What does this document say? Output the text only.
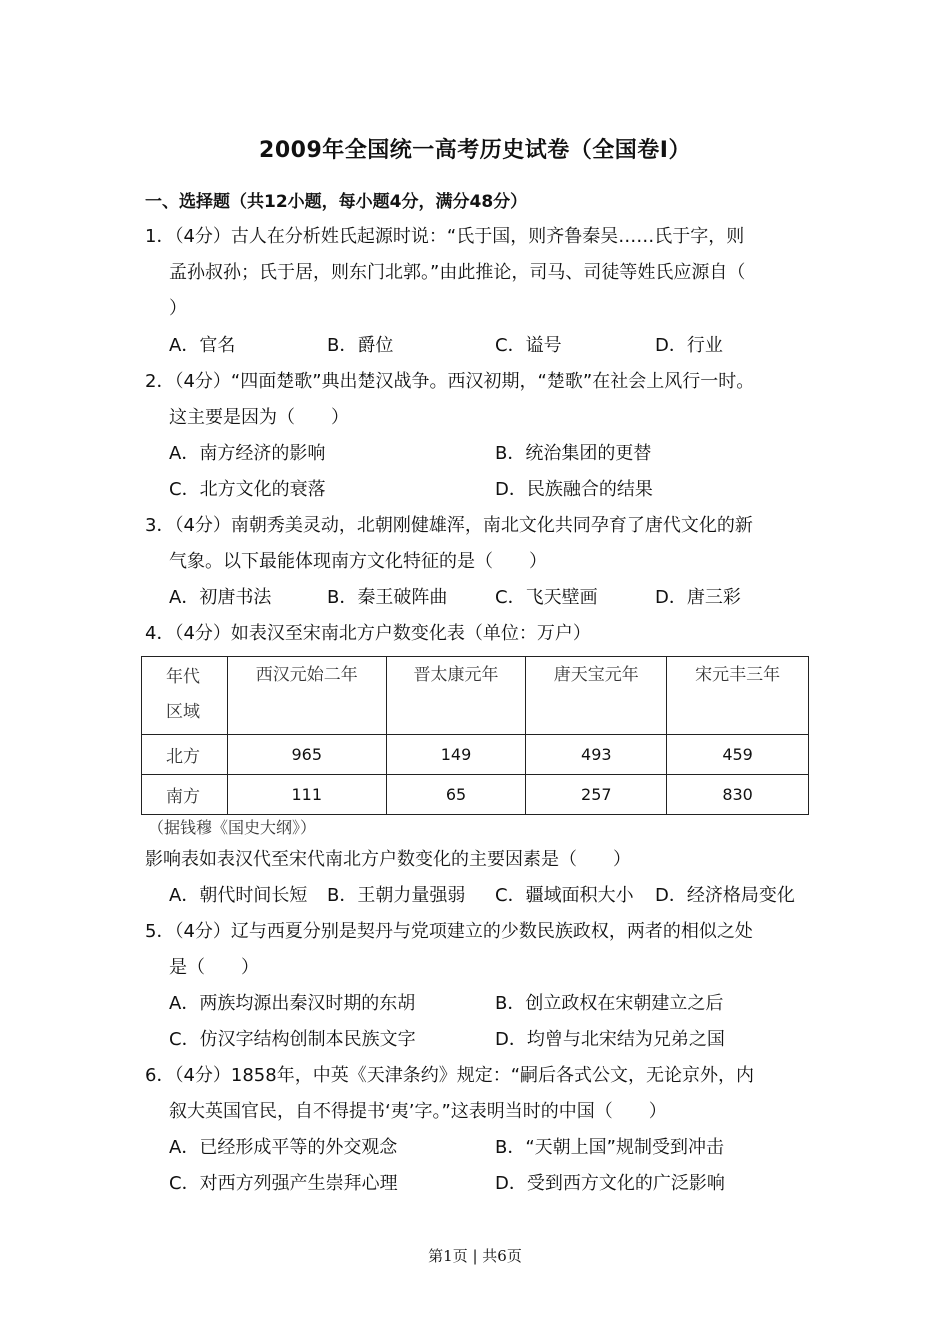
2009年全国统一高考历史试卷（全国卷Ⅰ）
一、选择题（共12小题，每小题4分，满分48分）
1．（4分）古人在分析姓氏起源时说：“氏于国，则齐鲁秦吴……氏于字，则
孟孙叔孙；氏于居，则东门北郭。”由此推论，司马、司徒等姓氏应源自（
）
A．官名	B．爵位	C．谥号	D．行业
2．（4分）“四面楚歌”典出楚汉战争。西汉初期，“楚歌”在社会上风行一时。
这主要是因为（　　）
A．南方经济的影响	B．统治集团的更替
C．北方文化的衰落	D．民族融合的结果
3．（4分）南朝秀美灵动，北朝刚健雄浑，南北文化共同孕育了唐代文化的新
气象。以下最能体现南方文化特征的是（　　）
A．初唐书法	B．秦王破阵曲	C．飞天壁画	D．唐三彩
4．（4分）如表汉至宋南北方户数变化表（单位：万户）
年代
区域	西汉元始二年	晋太康元年	唐天宝元年	宋元丰三年
北方	965	149	493	459
南方	111	65	257	830
（据钱穆《国史大纲》）
影响表如表汉代至宋代南北方户数变化的主要因素是（　　）
A．朝代时间长短 B．王朝力量强弱 C．疆域面积大小 D．经济格局变化
5．（4分）辽与西夏分别是契丹与党项建立的少数民族政权，两者的相似之处
是（　　）
A．两族均源出秦汉时期的东胡	B．创立政权在宋朝建立之后
C．仿汉字结构创制本民族文字	D．均曾与北宋结为兄弟之国
6．（4分）1858年，中英《天津条约》规定：“嗣后各式公文，无论京外，内
叙大英国官民，自不得提书‘夷’字。”这表明当时的中国（　　）
A．已经形成平等的外交观念	B．“天朝上国”规制受到冲击
C．对西方列强产生崇拜心理	D．受到西方文化的广泛影响
第1页 | 共6页
